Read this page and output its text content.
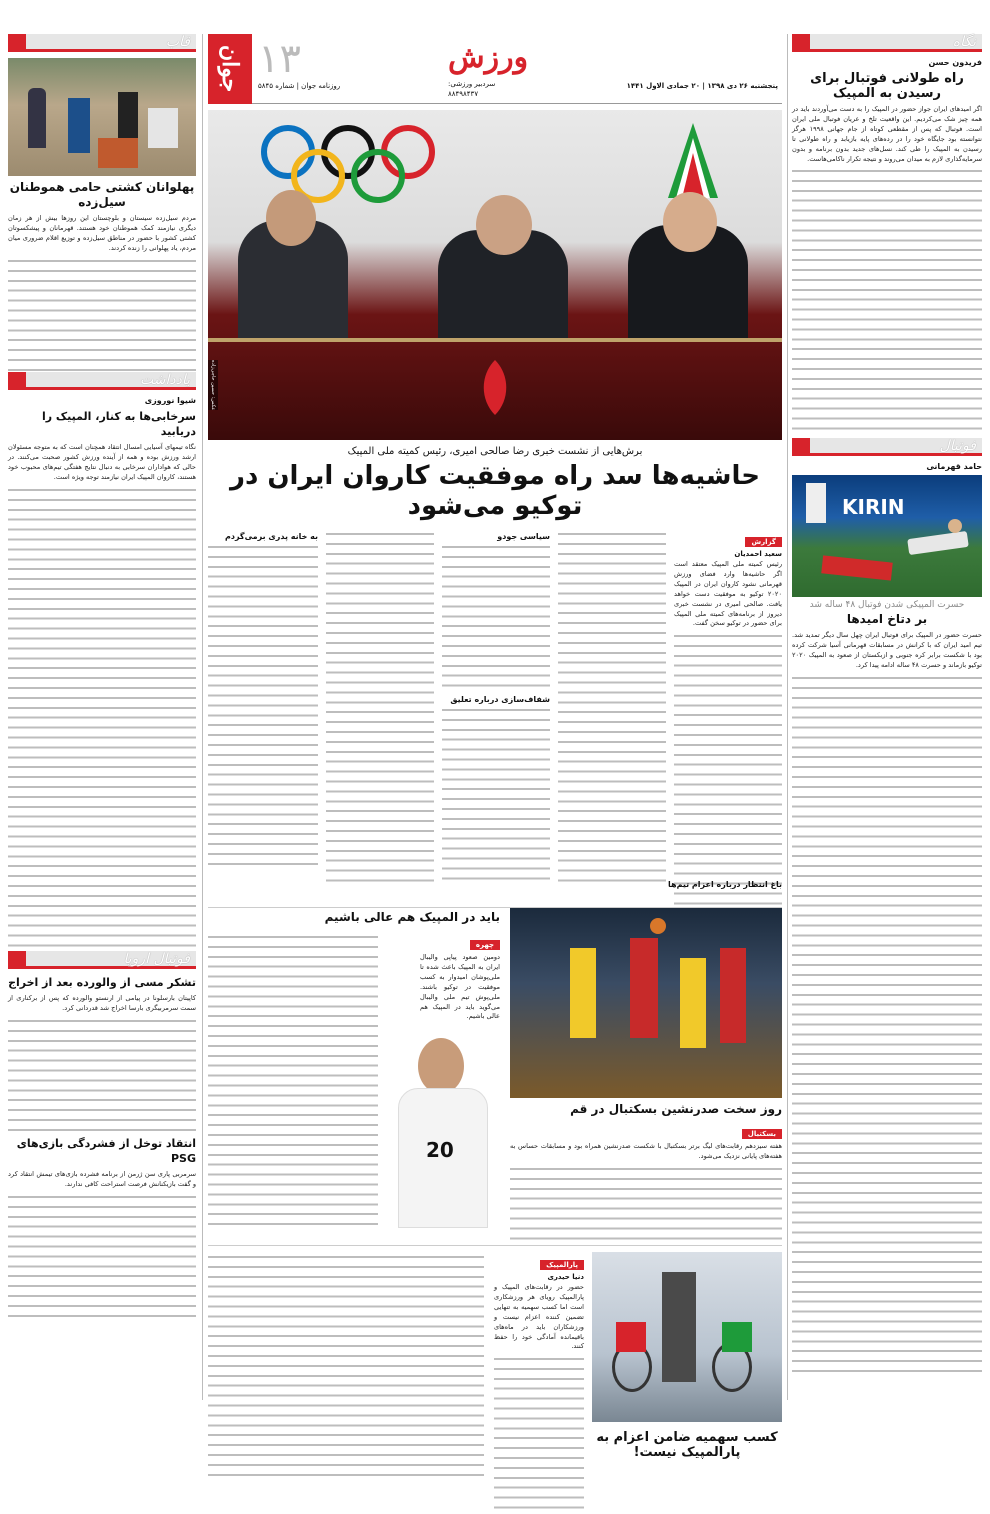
نگاه
فریدون حسن
راه طولانی فوتبال برای رسیدن به المپیک
اگر امیدهای ایران جواز حضور در المپیک را به دست می‌آوردند باید در همه چیز شک می‌کردیم. این واقعیت تلخ و عریان فوتبال ملی ایران است. فوتبال که پس از مقطعی کوتاه از جام جهانی ۱۹۹۸ هرگز نتوانسته بود جایگاه خود را در رده‌های پایه بازیابد و راه طولانی تا رسیدن به المپیک را طی کند. نسل‌های جدید بدون برنامه و بدون سرمایه‌گذاری لازم به میدان می‌روند و نتیجه تکرار ناکامی‌هاست.
فوتبال
حامد قهرمانی
KIRIN
حسرت المپیکی شدن فوتبال ۴۸ ساله شد
بر دتاخ امیدها
حسرت حضور در المپیک برای فوتبال ایران چهل سال دیگر تمدید شد. تیم امید ایران که با کرانش در مسابقات قهرمانی آسیا شرکت کرده بود با شکست برابر کره جنوبی و ازبکستان از صعود به المپیک ۲۰۲۰ توکیو بازماند و حسرت ۴۸ ساله ادامه پیدا کرد.
قاب
پهلوانان کشتی حامی هموطنان سیل‌زده
مردم سیل‌زده سیستان و بلوچستان این روزها بیش از هر زمان دیگری نیازمند کمک هموطنان خود هستند. قهرمانان و پیشکسوتان کشتی کشور با حضور در مناطق سیل‌زده و توزیع اقلام ضروری میان مردم، یاد پهلوانی را زنده کردند.
یادداشت
شیوا نوروزی
سرخابی‌ها به کنار، المپیک را دریابید
نگاه تیمهای آسیایی امسال انتقاد همچنان است که به متوجه مسئولان ارشد ورزش بوده و همه از آینده ورزش کشور صحبت می‌کنند. در حالی که هواداران سرخابی به دنبال نتایج هفتگی تیم‌های محبوب خود هستند، کاروان المپیک ایران نیازمند توجه ویژه است.
فوتبال اروپا
تشکر مسی از والورده بعد از اخراج
کاپیتان بارسلونا در پیامی از ارنستو والورده که پس از برکناری از سمت سرمربیگری بارسا اخراج شد قدردانی کرد.
انتقاد توخل از فشردگی بازی‌های PSG
سرمربی پاری سن ژرمن از برنامه فشرده بازی‌های تیمش انتقاد کرد و گفت بازیکنانش فرصت استراحت کافی ندارند.
جوان ۱۳	ورزش
سردبیر ورزشی:
۸۸۴۹۸۴۳۷
پنجشنبه ۲۶ دی ۱۳۹۸ | ۲۰ جمادی الاول ۱۴۴۱
روزنامه جوان | شماره ۵۸۴۵
عکس: حسین حاجی‌زاده
برش‌هایی از نشست خبری رضا صالحی امیری، رئیس کمیته ملی المپیک
حاشیه‌ها سد راه موفقیت کاروان ایران در توکیو می‌شود
گزارش
سعید احمدیان
رئیس کمیته ملی المپیک معتقد است اگر حاشیه‌ها وارد فضای ورزش قهرمانی نشود کاروان ایران در المپیک ۲۰۲۰ توکیو به موفقیت دست خواهد یافت. صالحی امیری در نشست خبری دیروز از برنامه‌های کمیته ملی المپیک برای حضور در توکیو سخن گفت.
سیاسی جودو
شفاف‌سازی درباره تعلیق
به خانه پدری برمی‌گردم
باغ انتظار درباره اعزام تیم‌ها
روز سخت صدرنشین بسکتبال در قم
بسکتبال
هفته سیزدهم رقابت‌های لیگ برتر بسکتبال با شکست صدرنشین همراه بود و مسابقات حساس به هفته‌های پایانی نزدیک می‌شود.
باید در المپیک هم عالی باشیم
چهره
دومین صعود پیاپی والیبال ایران به المپیک باعث شده تا ملی‌پوشان امیدوار به کسب موفقیت در توکیو باشند. ملی‌پوش تیم ملی والیبال می‌گوید باید در المپیک هم عالی باشیم.
20
کسب سهمیه ضامن اعزام به پارالمپیک نیست!
پارالمپیک
دنیا حیدری
حضور در رقابت‌های المپیک و پارالمپیک رویای هر ورزشکاری است اما کسب سهمیه به تنهایی تضمین کننده اعزام نیست و ورزشکاران باید در ماه‌های باقیمانده آمادگی خود را حفظ کنند.
